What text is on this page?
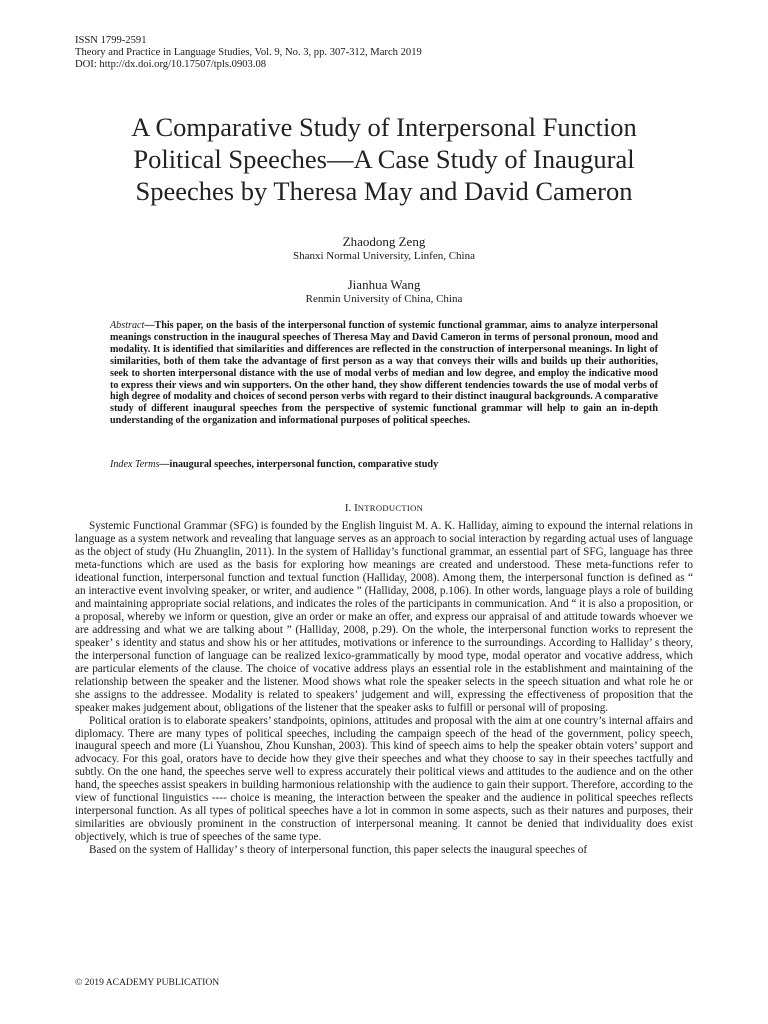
ISSN 1799-2591
Theory and Practice in Language Studies, Vol. 9, No. 3, pp. 307-312, March 2019
DOI: http://dx.doi.org/10.17507/tpls.0903.08
A Comparative Study of Interpersonal Function
Political Speeches—A Case Study of Inaugural
Speeches by Theresa May and David Cameron
Zhaodong Zeng
Shanxi Normal University, Linfen, China
Jianhua Wang
Renmin University of China, China
Abstract—This paper, on the basis of the interpersonal function of systemic functional grammar, aims to analyze interpersonal meanings construction in the inaugural speeches of Theresa May and David Cameron in terms of personal pronoun, mood and modality. It is identified that similarities and differences are reflected in the construction of interpersonal meanings. In light of similarities, both of them take the advantage of first person as a way that conveys their wills and builds up their authorities, seek to shorten interpersonal distance with the use of modal verbs of median and low degree, and employ the indicative mood to express their views and win supporters. On the other hand, they show different tendencies towards the use of modal verbs of high degree of modality and choices of second person verbs with regard to their distinct inaugural backgrounds. A comparative study of different inaugural speeches from the perspective of systemic functional grammar will help to gain an in-depth understanding of the organization and informational purposes of political speeches.
Index Terms—inaugural speeches, interpersonal function, comparative study
I. INTRODUCTION

Systemic Functional Grammar (SFG) is founded by the English linguist M. A. K. Halliday, aiming to expound the internal relations in language as a system network and revealing that language serves as an approach to social interaction by regarding actual uses of language as the object of study (Hu Zhuanglin, 2011). In the system of Halliday’s functional grammar, an essential part of SFG, language has three meta-functions which are used as the basis for exploring how meanings are created and understood. These meta-functions refer to ideational function, interpersonal function and textual function (Halliday, 2008). Among them, the interpersonal function is defined as “ an interactive event involving speaker, or writer, and audience ” (Halliday, 2008, p.106). In other words, language plays a role of building and maintaining appropriate social relations, and indicates the roles of the participants in communication. And “ it is also a proposition, or a proposal, whereby we inform or question, give an order or make an offer, and express our appraisal of and attitude towards whoever we are addressing and what we are talking about ” (Halliday, 2008, p.29). On the whole, the interpersonal function works to represent the speaker’ s identity and status and show his or her attitudes, motivations or inference to the surroundings. According to Halliday’ s theory, the interpersonal function of language can be realized lexico-grammatically by mood type, modal operator and vocative address, which are particular elements of the clause. The choice of vocative address plays an essential role in the establishment and maintaining of the relationship between the speaker and the listener. Mood shows what role the speaker selects in the speech situation and what role he or she assigns to the addressee. Modality is related to speakers’ judgement and will, expressing the effectiveness of proposition that the speaker makes judgement about, obligations of the listener that the speaker asks to fulfill or personal will of proposing.

Political oration is to elaborate speakers’ standpoints, opinions, attitudes and proposal with the aim at one country’s internal affairs and diplomacy. There are many types of political speeches, including the campaign speech of the head of the government, policy speech, inaugural speech and more (Li Yuanshou, Zhou Kunshan, 2003). This kind of speech aims to help the speaker obtain voters’ support and advocacy. For this goal, orators have to decide how they give their speeches and what they choose to say in their speeches tactfully and subtly. On the one hand, the speeches serve well to express accurately their political views and attitudes to the audience and on the other hand, the speeches assist speakers in building harmonious relationship with the audience to gain their support. Therefore, according to the view of functional linguistics ---- choice is meaning, the interaction between the speaker and the audience in political speeches reflects interpersonal function. As all types of political speeches have a lot in common in some aspects, such as their natures and purposes, their similarities are obviously prominent in the construction of interpersonal meaning. It cannot be denied that individuality does exist objectively, which is true of speeches of the same type.

Based on the system of Halliday’ s theory of interpersonal function, this paper selects the inaugural speeches of

© 2019 ACADEMY PUBLICATION
